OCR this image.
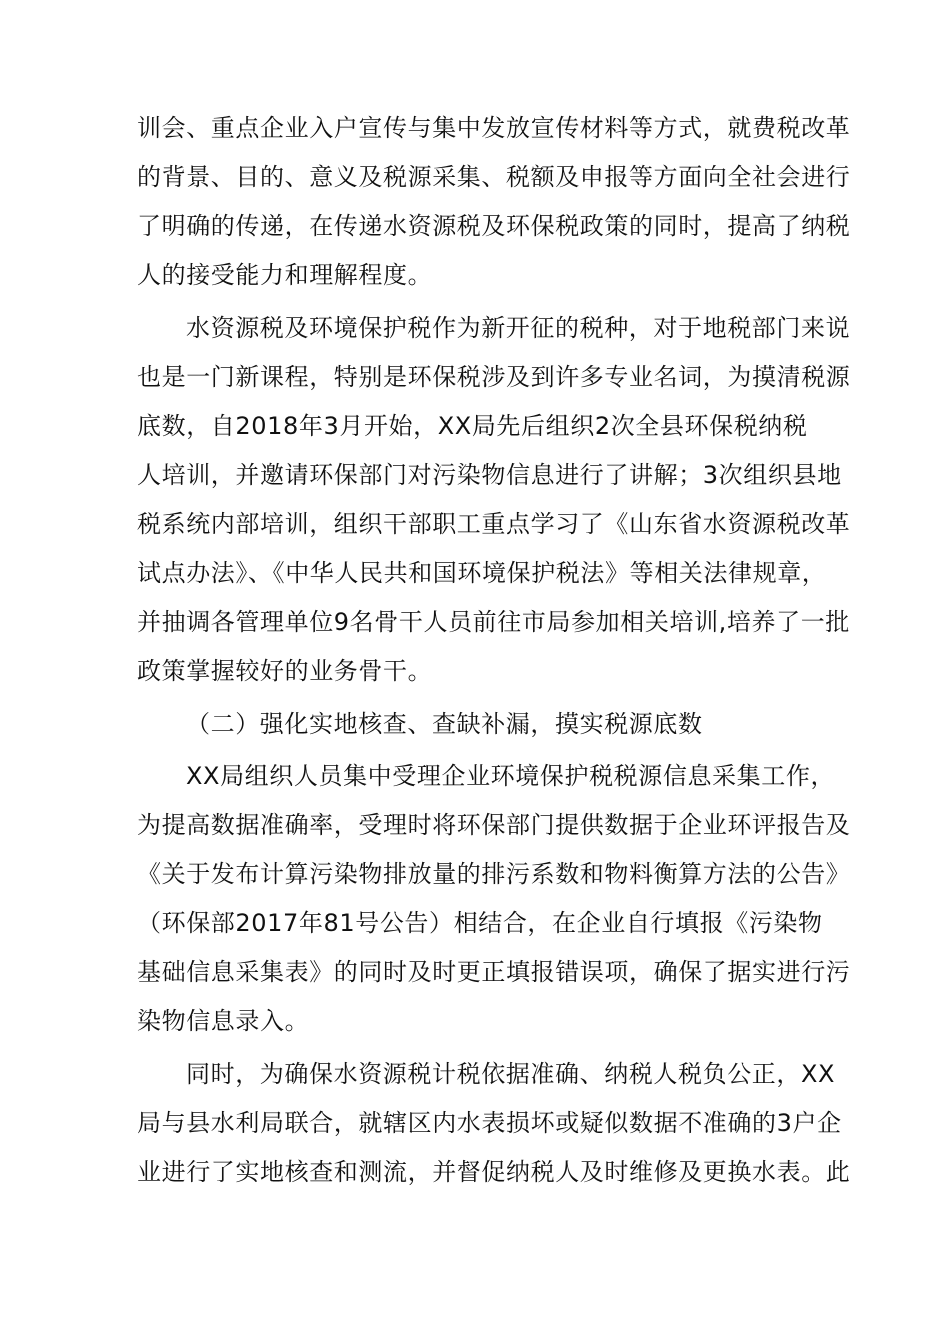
训会、重点企业入户宣传与集中发放宣传材料等方式，就费税改革
的背景、目的、意义及税源采集、税额及申报等方面向全社会进行
了明确的传递，在传递水资源税及环保税政策的同时，提高了纳税
人的接受能力和理解程度。
水资源税及环境保护税作为新开征的税种，对于地税部门来说
也是一门新课程，特别是环保税涉及到许多专业名词，为摸清税源
底数，自2018年3月开始，XX局先后组织2次全县环保税纳税
人培训，并邀请环保部门对污染物信息进行了讲解；3次组织县地
税系统内部培训，组织干部职工重点学习了《山东省水资源税改革
试点办法》、《中华人民共和国环境保护税法》等相关法律规章，
并抽调各管理单位9名骨干人员前往市局参加相关培训,培养了一批
政策掌握较好的业务骨干。
（二）强化实地核查、查缺补漏，摸实税源底数
XX局组织人员集中受理企业环境保护税税源信息采集工作，
为提高数据准确率，受理时将环保部门提供数据于企业环评报告及
《关于发布计算污染物排放量的排污系数和物料衡算方法的公告》
（环保部2017年81号公告）相结合，在企业自行填报《污染物
基础信息采集表》的同时及时更正填报错误项，确保了据实进行污
染物信息录入。
同时，为确保水资源税计税依据准确、纳税人税负公正，XX
局与县水利局联合，就辖区内水表损坏或疑似数据不准确的3户企
业进行了实地核查和测流，并督促纳税人及时维修及更换水表。此
